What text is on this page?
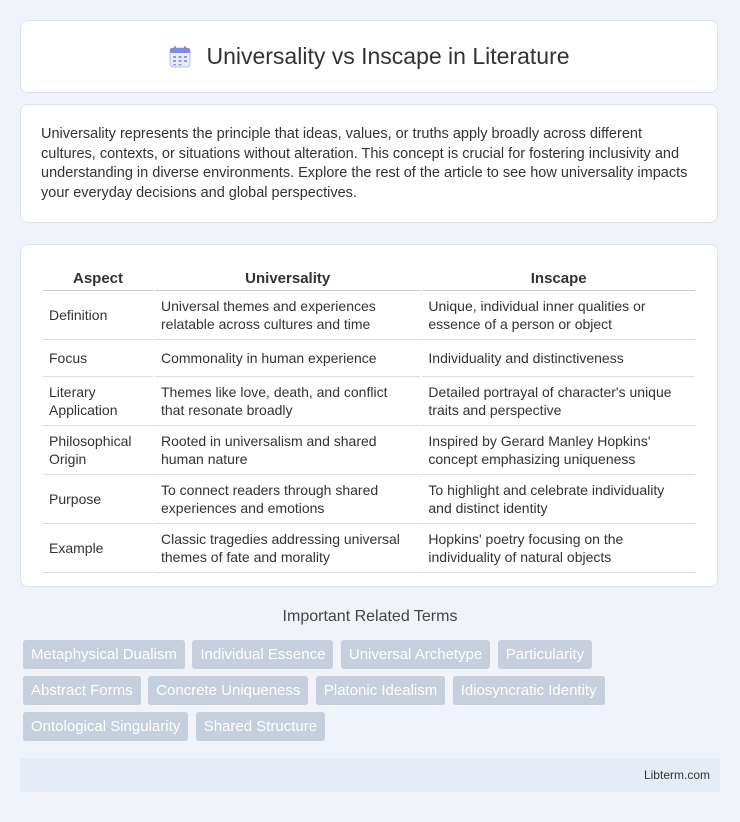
Universality vs Inscape in Literature

Universality represents the principle that ideas, values, or truths apply broadly across different cultures, contexts, or situations without alteration. This concept is crucial for fostering inclusivity and understanding in diverse environments. Explore the rest of the article to see how universality impacts your everyday decisions and global perspectives.

Aspect	Universality	Inscape
Definition	Universal themes and experiences relatable across cultures and time	Unique, individual inner qualities or essence of a person or object
Focus	Commonality in human experience	Individuality and distinctiveness
Literary Application	Themes like love, death, and conflict that resonate broadly	Detailed portrayal of character's unique traits and perspective
Philosophical Origin	Rooted in universalism and shared human nature	Inspired by Gerard Manley Hopkins' concept emphasizing uniqueness
Purpose	To connect readers through shared experiences and emotions	To highlight and celebrate individuality and distinct identity
Example	Classic tragedies addressing universal themes of fate and morality	Hopkins' poetry focusing on the individuality of natural objects
Important Related Terms
Metaphysical Dualism Individual Essence Universal Archetype Particularity
Abstract Forms Concrete Uniqueness Platonic Idealism Idiosyncratic Identity
Ontological Singularity Shared Structure
Libterm.com
